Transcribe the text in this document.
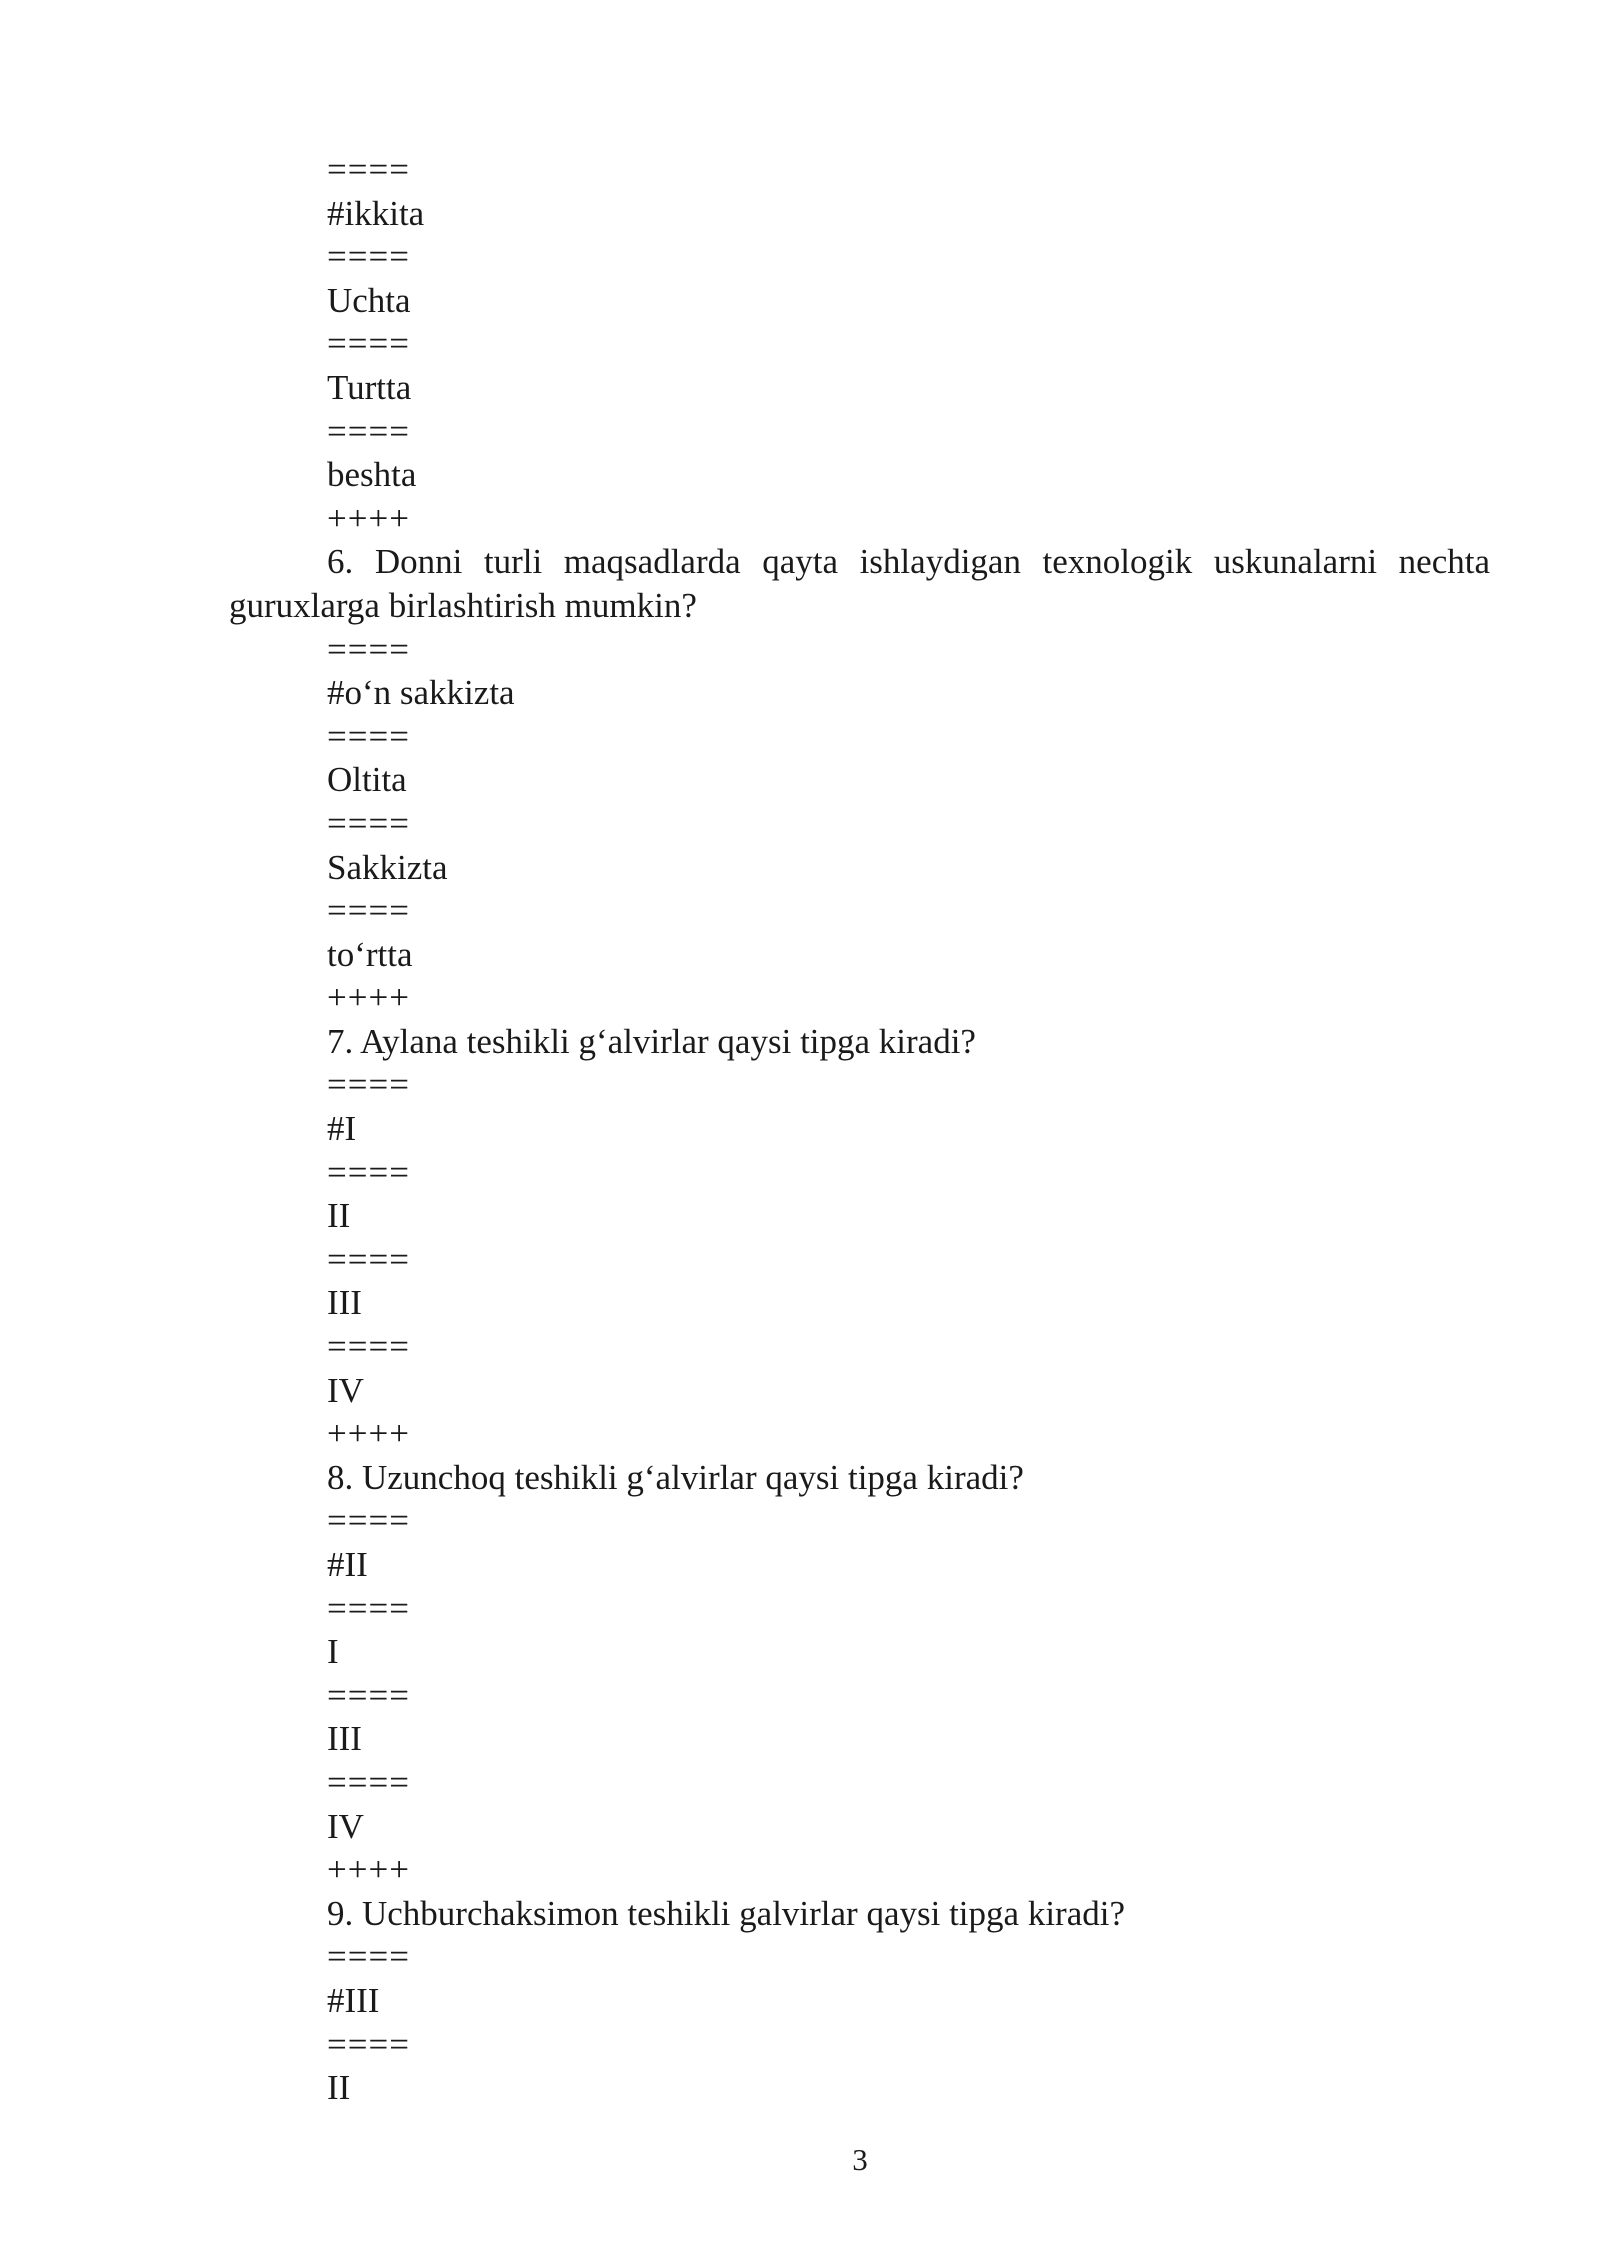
====
#ikkita
====
Uchta
====
Turtta
====
beshta
++++
6. Donni turli maqsadlarda qayta ishlaydigan texnologik uskunalarni nechta guruxlarga birlashtirish mumkin?
====
#o‘n sakkizta
====
Oltita
====
Sakkizta
====
to‘rtta
++++
7. Aylana teshikli g‘alvirlar qaysi tipga kiradi?
====
#I
====
II
====
III
====
IV
++++
8. Uzunchoq teshikli g‘alvirlar qaysi tipga kiradi?
====
#II
====
I
====
III
====
IV
++++
9. Uchburchaksimon teshikli galvirlar qaysi tipga kiradi?
====
#III
====
II
3
